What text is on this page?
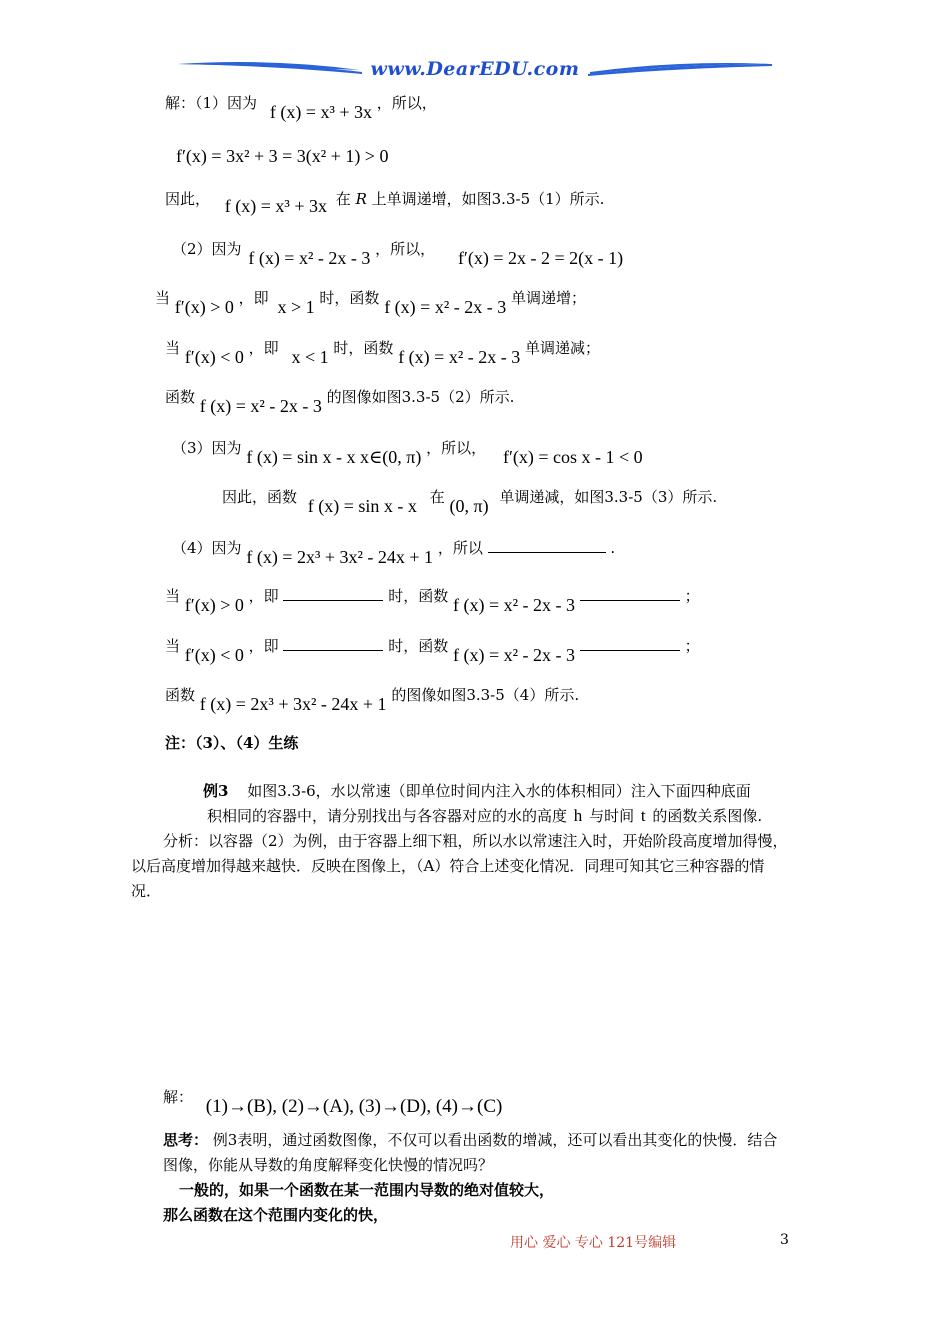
www.DearEDU.com
解：（1）因为 f (x) = x³ + 3x ，所以，
f′(x) = 3x² + 3 = 3(x² + 1) > 0
因此， f (x) = x³ + 3x 在 R 上单调递增，如图3.3-5（1）所示.
（2）因为 f (x) = x² - 2x - 3 ，所以， f′(x) = 2x - 2 = 2(x - 1)
当 f′(x) > 0 ，即 x > 1 时，函数 f (x) = x² - 2x - 3 单调递增；
当 f′(x) < 0 ，即 x < 1 时，函数 f (x) = x² - 2x - 3 单调递减；
函数 f (x) = x² - 2x - 3 的图像如图3.3-5（2）所示.
（3）因为 f (x) = sin x - x x∈(0, π) ，所以， f′(x) = cos x - 1 < 0
因此，函数 f (x) = sin x - x 在 (0, π) 单调递减，如图3.3-5（3）所示.
（4）因为 f (x) = 2x³ + 3x² - 24x + 1 ，所以	.
当 f′(x) > 0 ，即	时，函数 f (x) = x² - 2x - 3	；
当 f′(x) < 0 ，即	时，函数 f (x) = x² - 2x - 3	；
函数 f (x) = 2x³ + 3x² - 24x + 1 的图像如图3.3-5（4）所示.
注：（3）、（4）生练
例3 如图3.3-6，水以常速（即单位时间内注入水的体积相同）注入下面四种底面
积相同的容器中，请分别找出与各容器对应的水的高度 h 与时间 t 的函数关系图像.
分析：以容器（2）为例，由于容器上细下粗，所以水以常速注入时，开始阶段高度增加得慢，
以后高度增加得越来越快．反映在图像上，（A）符合上述变化情况．同理可知其它三种容器的情
况．
解： (1)→(B), (2)→(A), (3)→(D), (4)→(C)
思考： 例3表明，通过函数图像，不仅可以看出函数的增减，还可以看出其变化的快慢．结合
图像，你能从导数的角度解释变化快慢的情况吗？
一般的，如果一个函数在某一范围内导数的绝对值较大，
那么函数在这个范围内变化的快，
用心 爱心 专心 121号编辑	3
